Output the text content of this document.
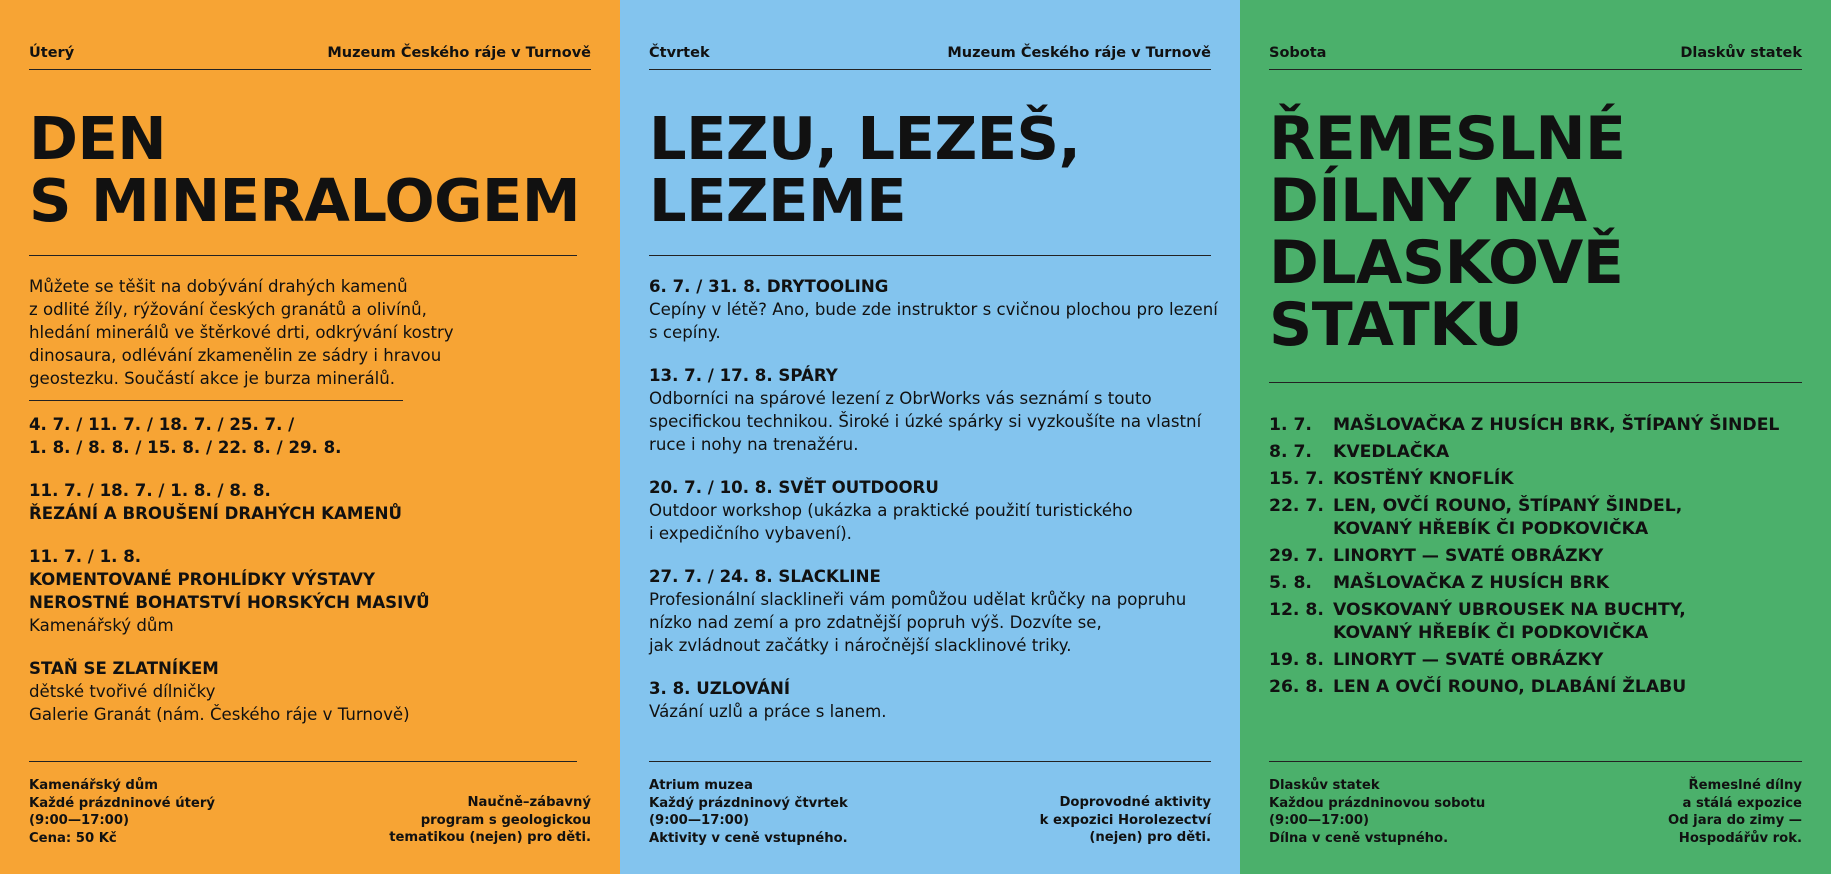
Úterý	Muzeum Českého ráje v Turnově
DEN
S MINERALOGEM
Můžete se těšit na dobývání drahých kamenů
z odlité žíly, rýžování českých granátů a olivínů,
hledání minerálů ve štěrkové drti, odkrývání kostry
dinosaura, odlévání zkamenělin ze sádry i hravou
geostezku. Součástí akce je burza minerálů.
4. 7. / 11. 7. / 18. 7. / 25. 7. /
1. 8. / 8. 8. / 15. 8. / 22. 8. / 29. 8.
11. 7. / 18. 7. / 1. 8. / 8. 8.
ŘEZÁNÍ A BROUŠENÍ DRAHÝCH KAMENŮ
11. 7. / 1. 8.
KOMENTOVANÉ PROHLÍDKY VÝSTAVY
NEROSTNÉ BOHATSTVÍ HORSKÝCH MASIVŮ
Kamenářský dům
STAŇ SE ZLATNÍKEM
dětské tvořivé dílničky
Galerie Granát (nám. Českého ráje v Turnově)
Kamenářský dům
Každé prázdninové úterý
(9:00—17:00)
Cena: 50 Kč
Naučně–zábavný
program s geologickou
tematikou (nejen) pro děti.
Čtvrtek	Muzeum Českého ráje v Turnově
LEZU, LEZEŠ,
LEZEME
6. 7. / 31. 8. DRYTOOLING
Cepíny v létě? Ano, bude zde instruktor s cvičnou plochou pro lezení
s cepíny.
13. 7. / 17. 8. SPÁRY
Odborníci na spárové lezení z ObrWorks vás seznámí s touto
specifickou technikou. Široké i úzké spárky si vyzkoušíte na vlastní
ruce i nohy na trenažéru.
20. 7. / 10. 8. SVĚT OUTDOORU
Outdoor workshop (ukázka a praktické použití turistického
i expedičního vybavení).
27. 7. / 24. 8. SLACKLINE
Profesionální slacklineři vám pomůžou udělat krůčky na popruhu
nízko nad zemí a pro zdatnější popruh výš. Dozvíte se,
jak zvládnout začátky i náročnější slacklinové triky.
3. 8. UZLOVÁNÍ
Vázání uzlů a práce s lanem.
Atrium muzea
Každý prázdninový čtvrtek
(9:00—17:00)
Aktivity v ceně vstupného.
Doprovodné aktivity
k expozici Horolezectví
(nejen) pro děti.
Sobota	Dlaskův statek
ŘEMESLNÉ
DÍLNY NA
DLASKOVĚ
STATKU
1. 7.	MAŠLOVAČKA Z HUSÍCH BRK, ŠTÍPANÝ ŠINDEL
8. 7.	KVEDLAČKA
15. 7. KOSTĚNÝ KNOFLÍK
22. 7. LEN, OVČÍ ROUNO, ŠTÍPANÝ ŠINDEL,
KOVANÝ HŘEBÍK ČI PODKOVIČKA
29. 7. LINORYT — SVATÉ OBRÁZKY
5. 8.	MAŠLOVAČKA Z HUSÍCH BRK
12. 8. VOSKOVANÝ UBROUSEK NA BUCHTY,
KOVANÝ HŘEBÍK ČI PODKOVIČKA
19. 8. LINORYT — SVATÉ OBRÁZKY
26. 8. LEN A OVČÍ ROUNO, DLABÁNÍ ŽLABU
Dlaskův statek
Každou prázdninovou sobotu
(9:00—17:00)
Dílna v ceně vstupného.
Řemeslné dílny
a stálá expozice
Od jara do zimy —
Hospodářův rok.
